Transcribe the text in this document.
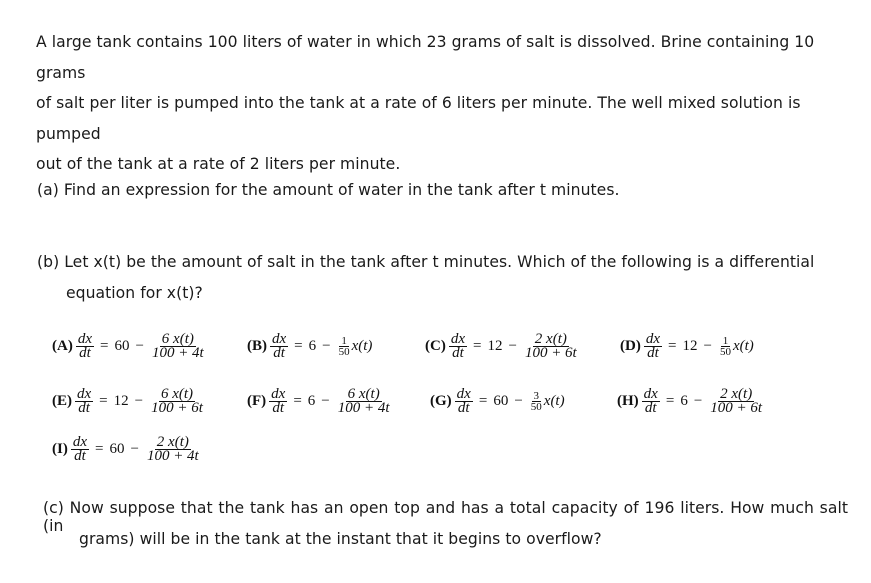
A large tank contains 100 liters of water in which 23 grams of salt is dissolved. Brine containing 10 grams
of salt per liter is pumped into the tank at a rate of 6 liters per minute. The well mixed solution is pumped
out of the tank at a rate of 2 liters per minute.
(a) Find an expression for the amount of water in the tank after t minutes.
(b) Let x(t) be the amount of salt in the tank after t minutes. Which of the following is a differential
equation for x(t)?
$(A) \frac{dx}{dt} = 60 - \frac{6 x(t)}{100 + 4t}$	$(B) \frac{dx}{dt} = 6 - \frac{1}{50} x(t)$	$(C) \frac{dx}{dt} = 12 - \frac{2 x(t)}{100 + 6t}$	$(D) \frac{dx}{dt} = 12 - \frac{1}{50} x(t)$
$(E) \frac{dx}{dt} = 12 - \frac{6 x(t)}{100 + 6t}$	$(F) \frac{dx}{dt} = 6 - \frac{6 x(t)}{100 + 4t}$	$(G) \frac{dx}{dt} = 60 - \frac{3}{50} x(t)$	$(H) \frac{dx}{dt} = 6 - \frac{2 x(t)}{100 + 6t}$
$(I) \frac{dx}{dt} = 60 - \frac{2 x(t)}{100 + 4t}$
(c) Now suppose that the tank has an open top and has a total capacity of 196 liters. How much salt (in
grams) will be in the tank at the instant that it begins to overflow?
